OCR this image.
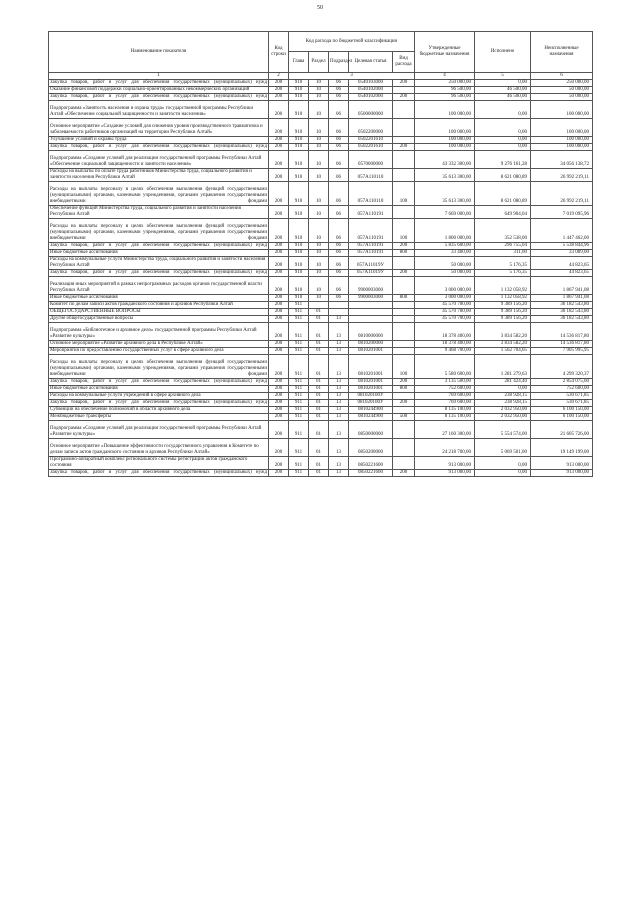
50
Наименование показателя	Код строки	Код расхода по бюджетной классификации					Утвержденные бюджетные назначения	Исполнено	Неисполненные назначения
		Глава	Раздел	Подраздел	Целевая статья	Вид расхода			
1	2	3					4	5	6
Закупка товаров, работ и услуг для обеспечения государственных (муниципальных) нужд	200	910	10	06	0540103000	200	250 000,00	0,00	250 000,00
Оказание финансовой поддержки социально-ориентированных некоммерческих организаций	200	910	10	06	0540102000		96 500,00	46 500,00	50 000,00
Закупка товаров, работ и услуг для обеспечения государственных (муниципальных) нужд	200	910	10	06	0540102000	200	96 500,00	46 500,00	50 000,00
Подпрограмма «Занятость населения и охрана труда» государственной программы Республики Алтай «Обеспечение социальной защищенности и занятости населения»	200	910	10	06	0500000000		100 000,00	0,00	100 000,00
Основное мероприятие «Создание условий для снижения уровня производственного травматизма и заболеваемости работников организаций на территории Республики Алтай»	200	910	10	06	0502200000		100 000,00	0,00	100 000,00
Улучшение условий и охраны труда	200	910	10	06	0502201610		100 000,00	0,00	100 000,00
Закупка товаров, работ и услуг для обеспечения государственных (муниципальных) нужд	200	910	10	06	0502201610	200	100 000,00	0,00	100 000,00
Подпрограмма «Создание условий для реализации государственной программы Республики Алтай «Обеспечение социальной защищенности и занятости населения»	200	910	10	06	0570000000		43 332 300,00	9 276 161,28	34 056 138,72
Расходы на выплаты по оплате труда работников Министерства труда, социального развития и занятости населения Республики Алтай	200	910	10	06	057А110110		35 613 300,00	8 621 080,89	26 992 219,11
Расходы на выплаты персоналу в целях обеспечения выполнения функций государственными (муниципальными) органами, казенными учреждениями, органами управления государственными внебюджетными фондами	200	910	10	06	057А110110	100	35 613 300,00	8 621 080,89	26 992 219,11
Обеспечение функций Министерства труда, социального развития и занятости населения Республики Алтай	200	910	10	06	057А110191		7 669 000,00	649 904,04	7 019 095,96
Расходы на выплаты персоналу в целях обеспечения выполнения функций государственными (муниципальными) органами, казенными учреждениями, органами управления государственными внебюджетными фондами	200	910	10	06	057А110191	100	1 800 000,00	352 538,00	1 447 462,00
Закупка товаров, работ и услуг для обеспечения государственных (муниципальных) нужд	200	910	10	06	057А110191	200	5 835 600,00	296 755,04	5 538 844,96
Иные бюджетные ассигнования	200	910	10	06	057А110191	800	33 400,00	311,00	33 089,00
Расходы на коммунальные услуги Министерства труда, социального развития и занятости населения Республики Алтай	200	910	10	06	057А11019У		50 000,00	5 176,35	44 823,65
Закупка товаров, работ и услуг для обеспечения государственных (муниципальных) нужд	200	910	10	06	057А11019У	200	50 000,00	5 176,35	44 823,65
Реализация иных мероприятий в рамках непрограммных расходов органов государственной власти Республики Алтай	200	910	10	06	9900003000		3 000 000,00	1 132 058,92	1 867 941,08
Иные бюджетные ассигнования	200	910	10	06	9900003000	800	3 000 000,00	1 132 058,92	1 867 941,08
Комитет по делам записи актов гражданского состояния и архивов Республики Алтай	200	911					45 570 700,00	9 389 156,20	36 182 543,80
ОБЩЕГОСУДАРСТВЕННЫЕ ВОПРОСЫ	200	911	01				45 570 700,00	9 389 156,20	36 182 543,80
Другие общегосударственные вопросы	200	911	01	13			45 570 700,00	9 389 156,20	36 182 543,80
Подпрограмма «Библиотечное и архивное дело» государственной программы Республики Алтай «Развитие культуры»	200	911	01	13	0810000000		18 378 400,00	3 834 582,20	14 536 817,80
Основное мероприятие «Развитие архивного дела в Республике Алтай»	200	911	01	13	0810200000		18 378 400,00	3 834 582,20	14 536 817,80
Мероприятия по предоставлению государственных услуг в сфере архивного дела	200	911	01	13	0810201001		9 468 700,00	1 562 704,05	7 905 995,95
Расходы на выплаты персоналу в целях обеспечения выполнения функций государственными (муниципальными) органами, казенными учреждениями, органами управления государственными внебюджетными фондами	200	911	01	13	0810201001	100	5 580 600,00	1 281 279,63	4 299 320,37
Закупка товаров, работ и услуг для обеспечения государственных (муниципальных) нужд	200	911	01	13	0810201001	200	3 135 500,00	281 424,40	2 854 075,60
Иные бюджетные ассигнования	200	911	01	13	0810201001	800	752 600,00	0,00	752 600,00
Расходы на коммунальные услуги учреждений в сфере архивного дела	200	911	01	13	081020100У		769 600,00	238 928,15	530 671,85
Закупка товаров, работ и услуг для обеспечения государственных (муниципальных) нужд	200	911	01	13	081020100У	200	769 600,00	238 928,15	530 671,85
Субвенции на обеспечение полномочий в области архивного дела	200	911	01	13	0810244900		8 135 100,00	2 032 950,00	6 100 150,00
Межбюджетные трансферты	200	911	01	13	0810244900	500	8 135 100,00	2 032 950,00	6 100 150,00
Подпрограмма «Создание условий для реализации государственной программы Республики Алтай «Развитие культуры»	200	911	01	13	0850000000		27 160 300,00	5 554 574,00	21 605 726,00
Основное мероприятие «Повышение эффективности государственного управления в Комитете по делам записи актов гражданского состояния и архивов Республики Алтай»	200	911	01	13	0850200000		24 218 700,00	5 069 501,00	19 149 199,00
Программно-аппаратный комплекс регионального системы регистрации актов гражданского состояния	200	911	01	13	0850221600		913 000,00	0,00	913 000,00
Закупка товаров, работ и услуг для обеспечения государственных (муниципальных) нужд	200	911	01	13	0850221600	200	913 000,00	0,00	913 000,00
